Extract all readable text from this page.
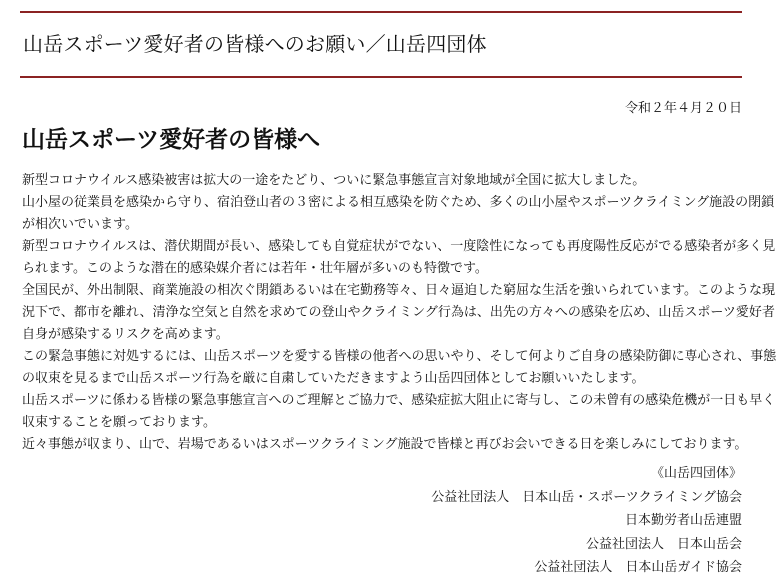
山岳スポーツ愛好者の皆様へのお願い／山岳四団体
令和２年４月２０日
山岳スポーツ愛好者の皆様へ

新型コロナウイルス感染被害は拡大の一途をたどり、ついに緊急事態宣言対象地域が全国に拡大しました。

山小屋の従業員を感染から守り、宿泊登山者の３密による相互感染を防ぐため、多くの山小屋やスポーツクライミング施設の閉鎖

が相次いでいます。

新型コロナウイルスは、潜伏期間が長い、感染しても自覚症状がでない、一度陰性になっても再度陽性反応がでる感染者が多く見

られます。このような潜在的感染媒介者には若年・壮年層が多いのも特徴です。

全国民が、外出制限、商業施設の相次ぐ閉鎖あるいは在宅勤務等々、日々逼迫した窮屈な生活を強いられています。このような現

況下で、都市を離れ、清浄な空気と自然を求めての登山やクライミング行為は、出先の方々への感染を広め、山岳スポーツ愛好者

自身が感染するリスクを高めます。

この緊急事態に対処するには、山岳スポーツを愛する皆様の他者への思いやり、そして何よりご自身の感染防御に専心され、事態

の収束を見るまで山岳スポーツ行為を厳に自粛していただきますよう山岳四団体としてお願いいたします。

山岳スポーツに係わる皆様の緊急事態宣言へのご理解とご協力で、感染症拡大阻止に寄与し、この未曾有の感染危機が一日も早く

収束することを願っております。

近々事態が収まり、山で、岩場であるいはスポーツクライミング施設で皆様と再びお会いできる日を楽しみにしております。

《山岳四団体》
公益社団法人　日本山岳・スポーツクライミング協会
日本勤労者山岳連盟
公益社団法人　日本山岳会
公益社団法人　日本山岳ガイド協会
